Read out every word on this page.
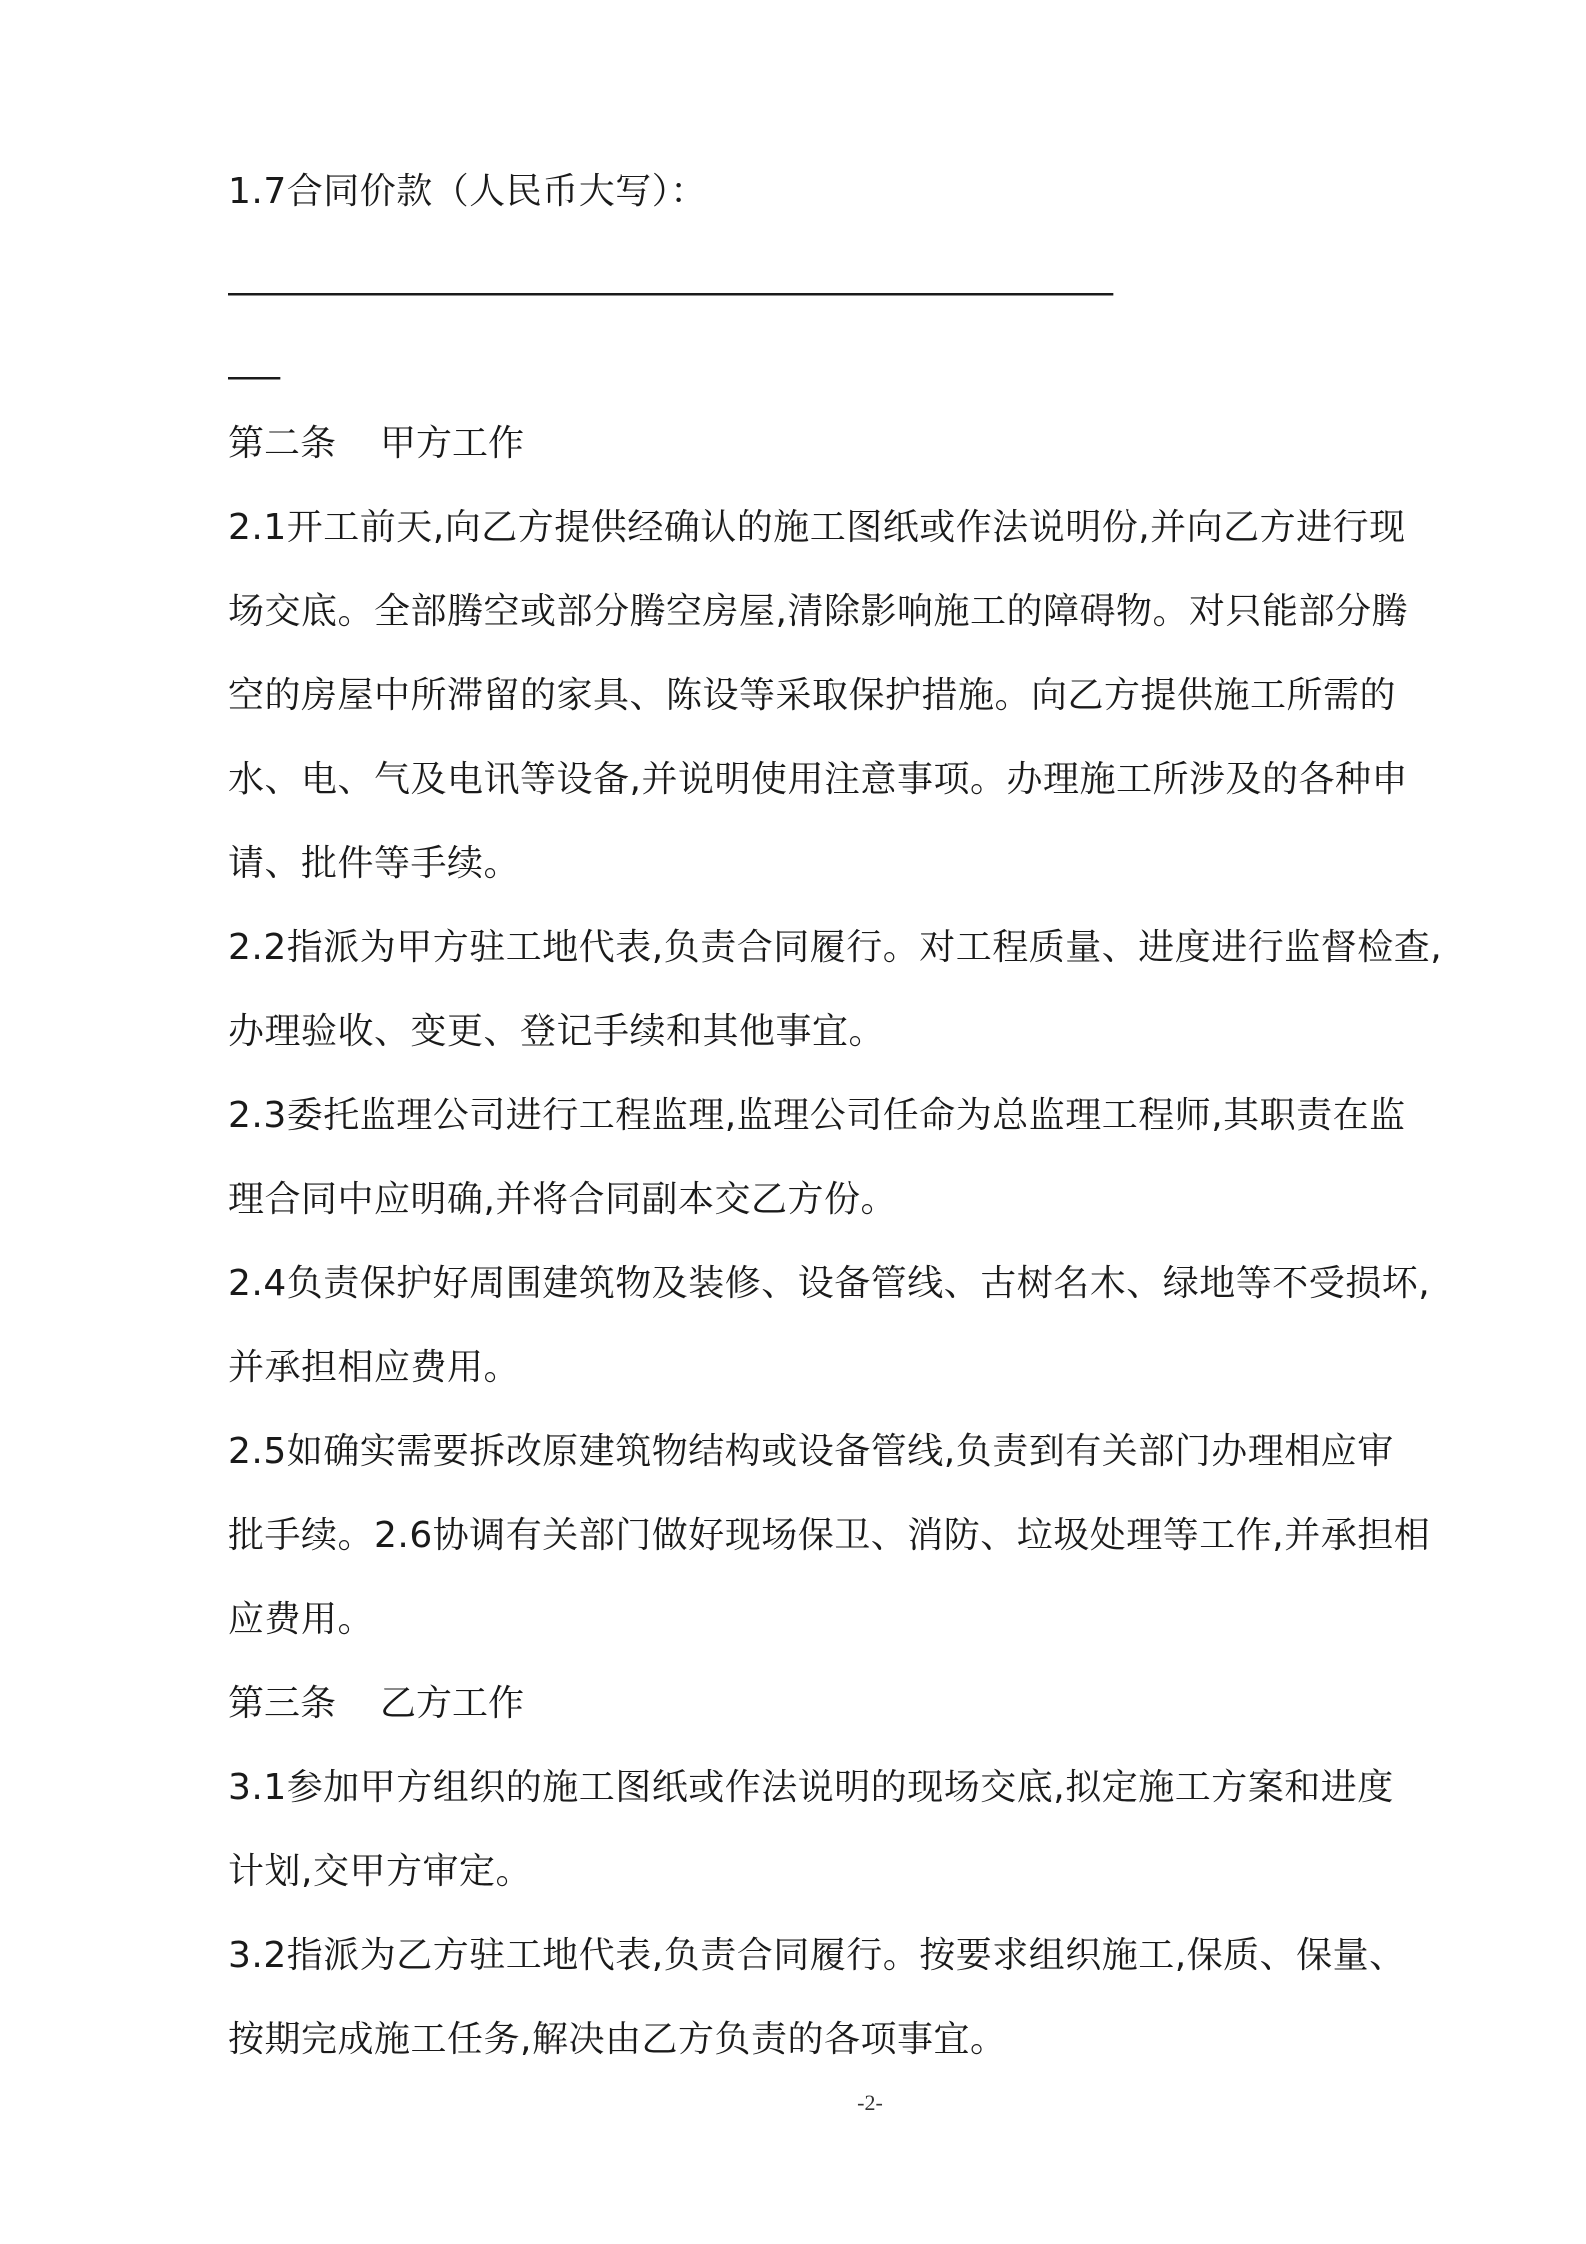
1.7合同价款（人民币大写）：
____________________________________________________
___
第二条 甲方工作
2.1开工前天,向乙方提供经确认的施工图纸或作法说明份,并向乙方进行现
场交底。全部腾空或部分腾空房屋,清除影响施工的障碍物。对只能部分腾
空的房屋中所滞留的家具、陈设等采取保护措施。向乙方提供施工所需的
水、电、气及电讯等设备,并说明使用注意事项。办理施工所涉及的各种申
请、批件等手续。
2.2指派为甲方驻工地代表,负责合同履行。对工程质量、进度进行监督检查,
办理验收、变更、登记手续和其他事宜。
2.3委托监理公司进行工程监理,监理公司任命为总监理工程师,其职责在监
理合同中应明确,并将合同副本交乙方份。
2.4负责保护好周围建筑物及装修、设备管线、古树名木、绿地等不受损坏,
并承担相应费用。
2.5如确实需要拆改原建筑物结构或设备管线,负责到有关部门办理相应审
批手续。2.6协调有关部门做好现场保卫、消防、垃圾处理等工作,并承担相
应费用。
第三条 乙方工作
3.1参加甲方组织的施工图纸或作法说明的现场交底,拟定施工方案和进度
计划,交甲方审定。
3.2指派为乙方驻工地代表,负责合同履行。按要求组织施工,保质、保量、
按期完成施工任务,解决由乙方负责的各项事宜。
-2-
